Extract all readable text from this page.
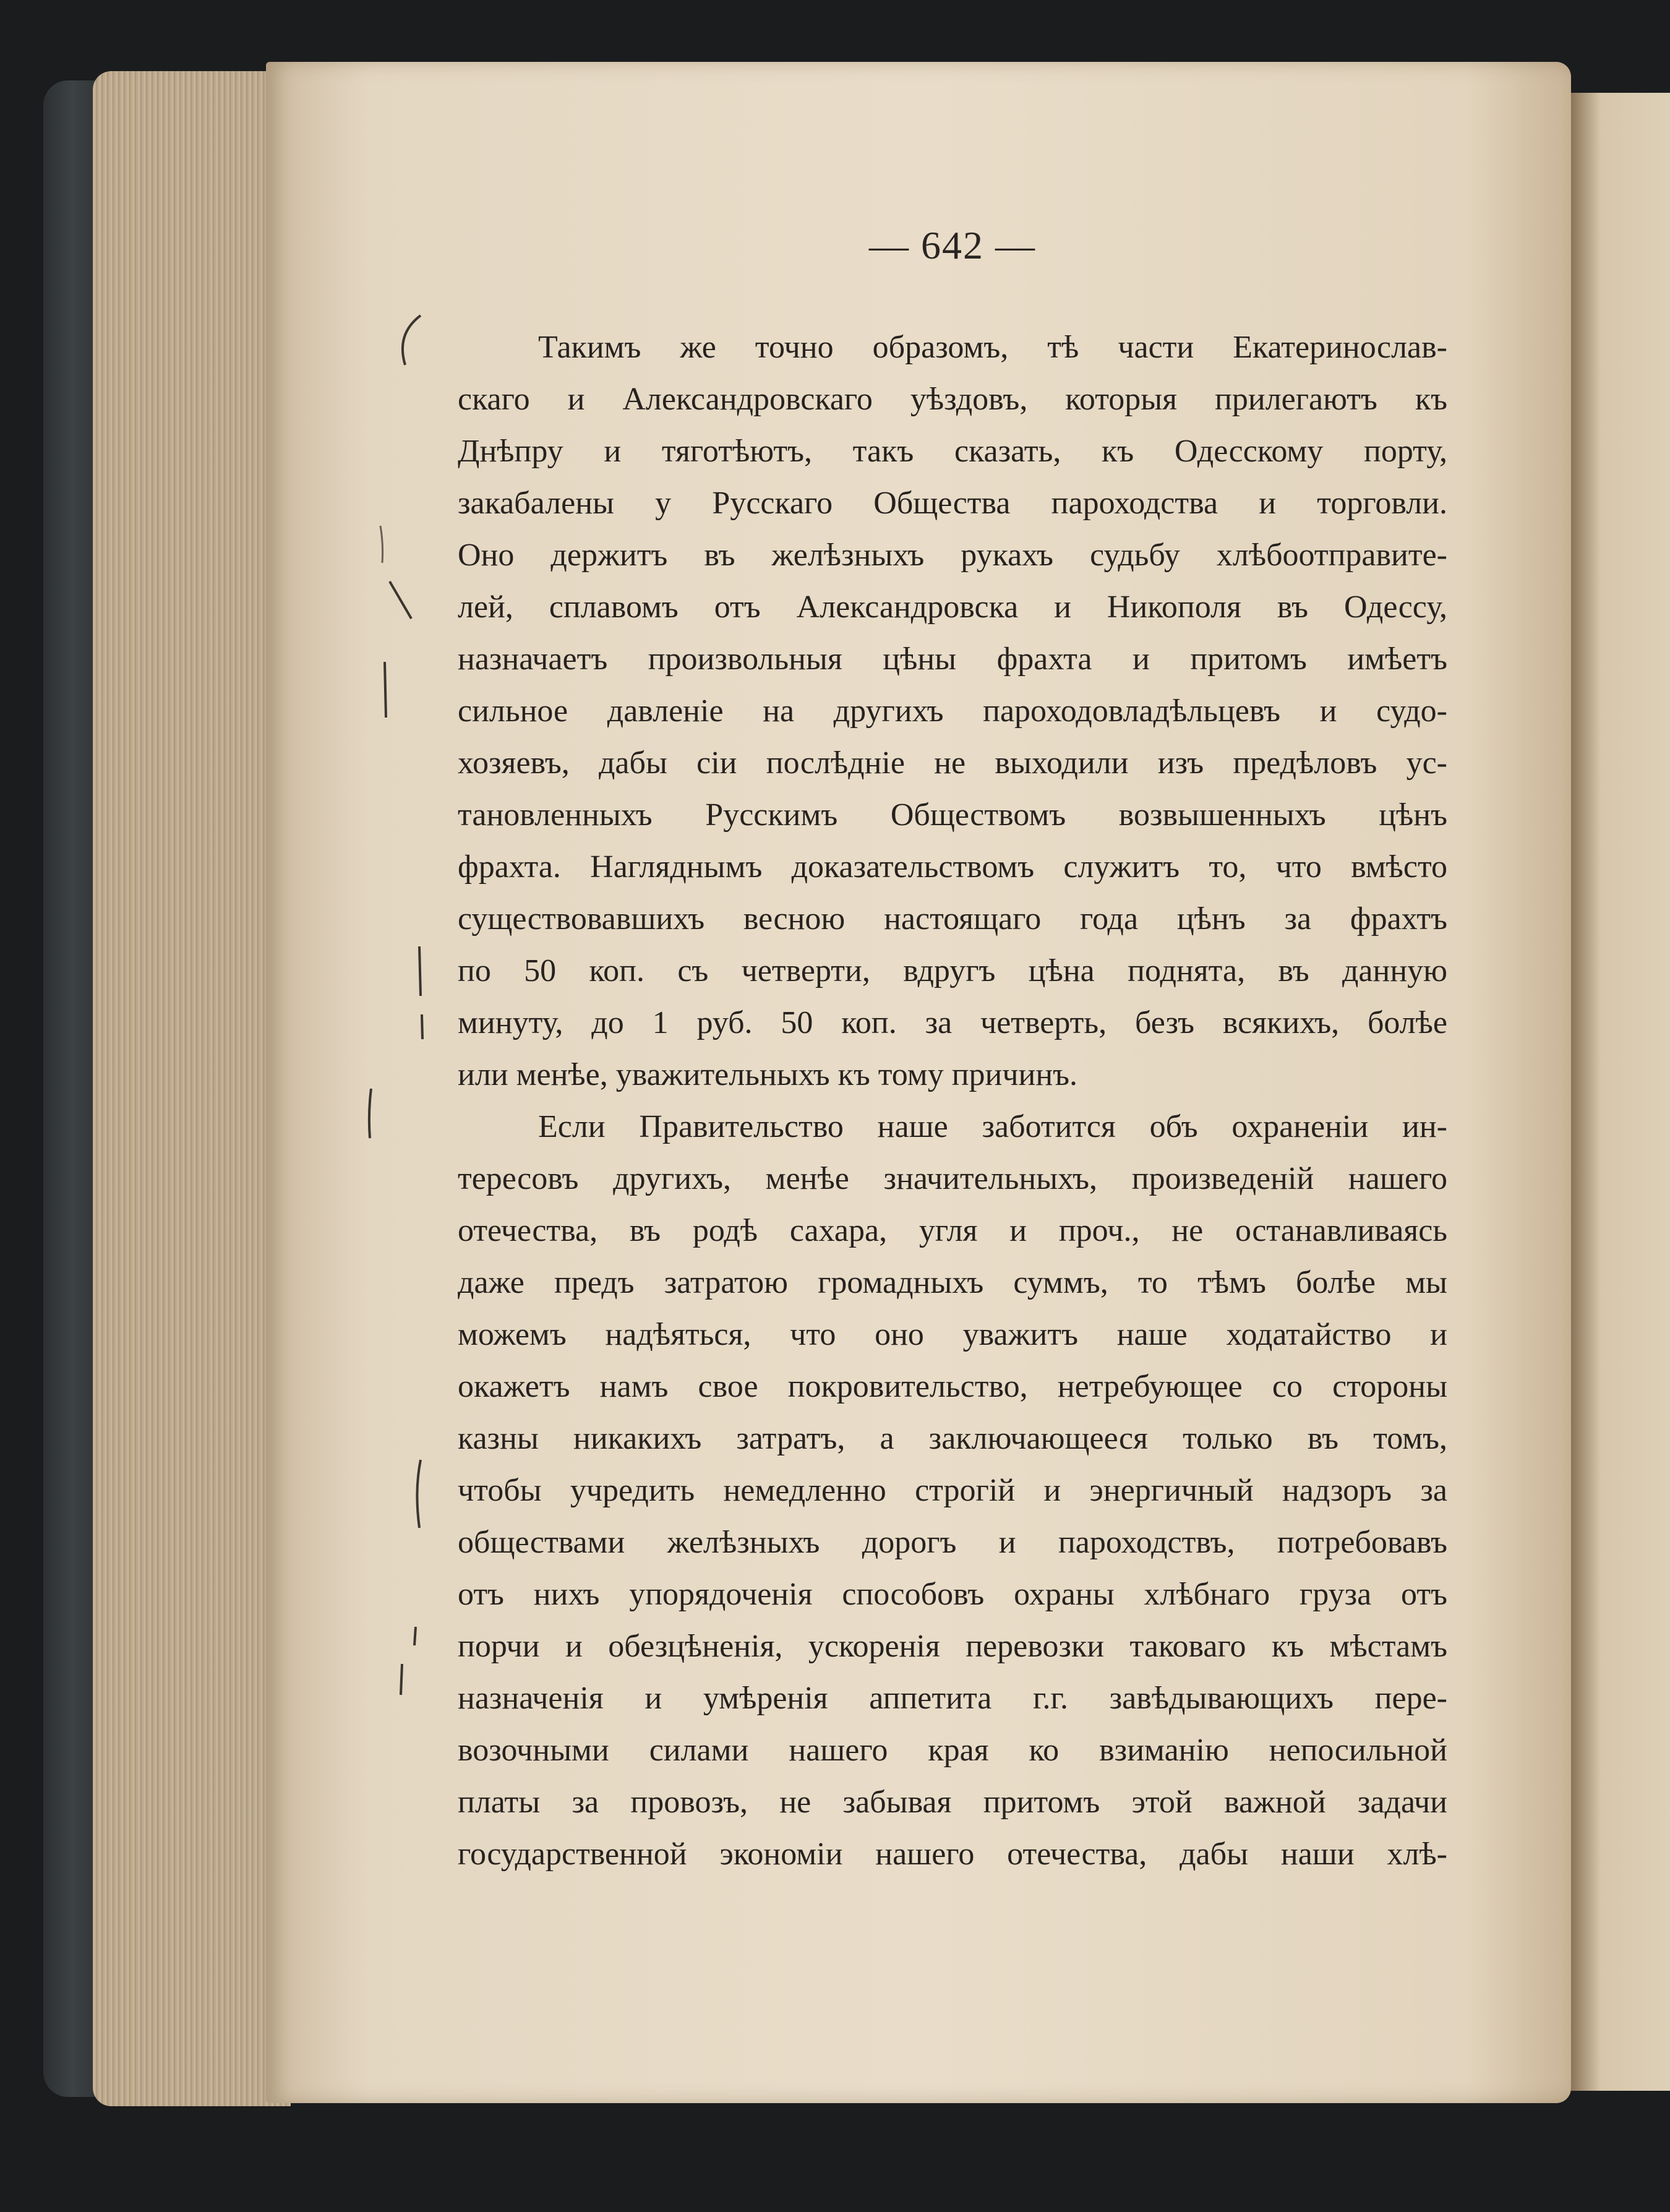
— 642 —
Такимъ же точно образомъ, тѣ части Екатеринослав-
скаго и Александровскаго уѣздовъ, которыя прилегаютъ къ
Днѣпру и тяготѣютъ, такъ сказать, къ Одесскому порту,
закабалены у Русскаго Общества пароходства и торговли.
Оно держитъ въ желѣзныхъ рукахъ судьбу хлѣбоотправите-
лей, сплавомъ отъ Александровска и Никополя въ Одессу,
назначаетъ произвольныя цѣны фрахта и притомъ имѣетъ
сильное давленіе на другихъ пароходовладѣльцевъ и судо-
хозяевъ, дабы сіи послѣдніе не выходили изъ предѣловъ ус-
тановленныхъ Русскимъ Обществомъ возвышенныхъ цѣнъ
фрахта. Нагляднымъ доказательствомъ служитъ то, что вмѣсто
существовавшихъ весною настоящаго года цѣнъ за фрахтъ
по 50 коп. съ четверти, вдругъ цѣна поднята, въ данную
минуту, до 1 руб. 50 коп. за четверть, безъ всякихъ, болѣе
или менѣе, уважительныхъ къ тому причинъ.
Если Правительство наше заботится объ охраненіи ин-
тересовъ другихъ, менѣе значительныхъ, произведеній нашего
отечества, въ родѣ сахара, угля и проч., не останавливаясь
даже предъ затратою громадныхъ суммъ, то тѣмъ болѣе мы
можемъ надѣяться, что оно уважитъ наше ходатайство и
окажетъ намъ свое покровительство, нетребующее со стороны
казны никакихъ затратъ, а заключающееся только въ томъ,
чтобы учредить немедленно строгій и энергичный надзоръ за
обществами желѣзныхъ дорогъ и пароходствъ, потребовавъ
отъ нихъ упорядоченія способовъ охраны хлѣбнаго груза отъ
порчи и обезцѣненія, ускоренія перевозки таковаго къ мѣстамъ
назначенія и умѣренія аппетита г.г. завѣдывающихъ пере-
возочными силами нашего края ко взиманію непосильной
платы за провозъ, не забывая притомъ этой важной задачи
государственной экономіи нашего отечества, дабы наши хлѣ-
